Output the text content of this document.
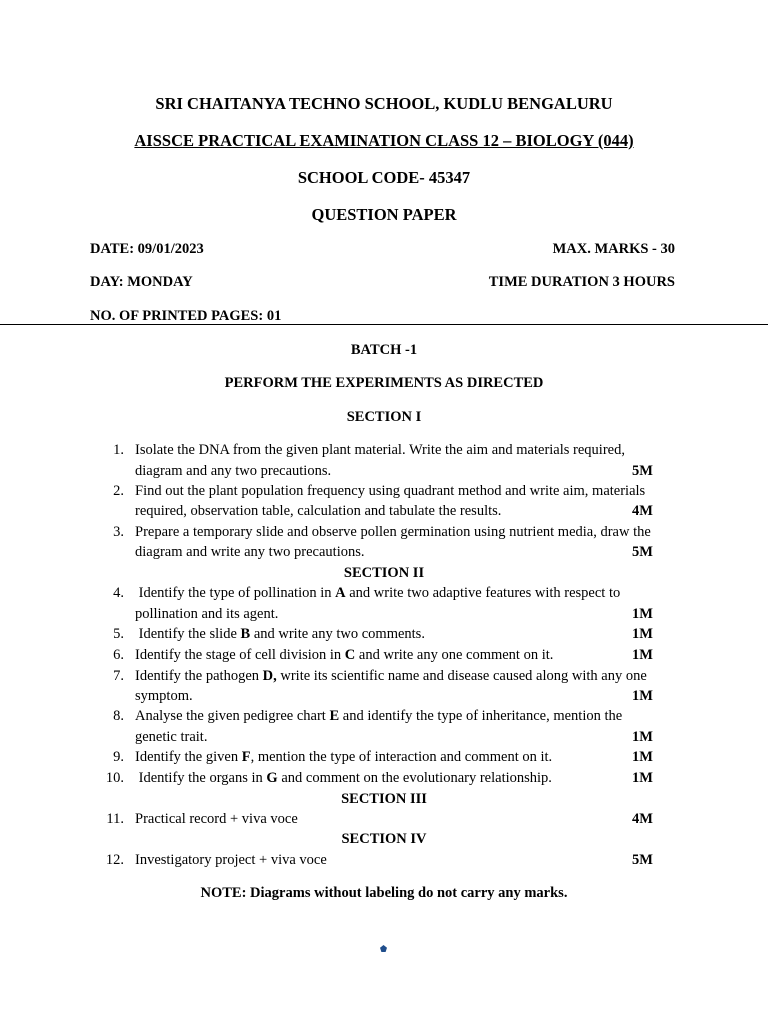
SRI CHAITANYA TECHNO SCHOOL, KUDLU BENGALURU
AISSCE PRACTICAL EXAMINATION CLASS 12 – BIOLOGY (044)
SCHOOL CODE- 45347
QUESTION PAPER
DATE: 09/01/2023	MAX. MARKS - 30
DAY: MONDAY	TIME DURATION 3 HOURS
NO. OF PRINTED PAGES: 01
BATCH -1
PERFORM THE EXPERIMENTS AS DIRECTED
SECTION I
1. Isolate the DNA from the given plant material. Write the aim and materials required,
diagram and any two precautions.	5M
2. Find out the plant population frequency using quadrant method and write aim, materials
required, observation table, calculation and tabulate the results.	4M
3. Prepare a temporary slide and observe pollen germination using nutrient media, draw the
diagram and write any two precautions.	5M
SECTION II
4. Identify the type of pollination in A and write two adaptive features with respect to
pollination and its agent.	1M
5. Identify the slide B and write any two comments.	1M
6. Identify the stage of cell division in C and write any one comment on it.	1M
7. Identify the pathogen D, write its scientific name and disease caused along with any one
symptom.	1M
8. Analyse the given pedigree chart E and identify the type of inheritance, mention the
genetic trait.	1M
9. Identify the given F, mention the type of interaction and comment on it.	1M
10. Identify the organs in G and comment on the evolutionary relationship.	1M
SECTION III
11. Practical record + viva voce	4M
SECTION IV
12. Investigatory project + viva voce	5M
NOTE: Diagrams without labeling do not carry any marks.
